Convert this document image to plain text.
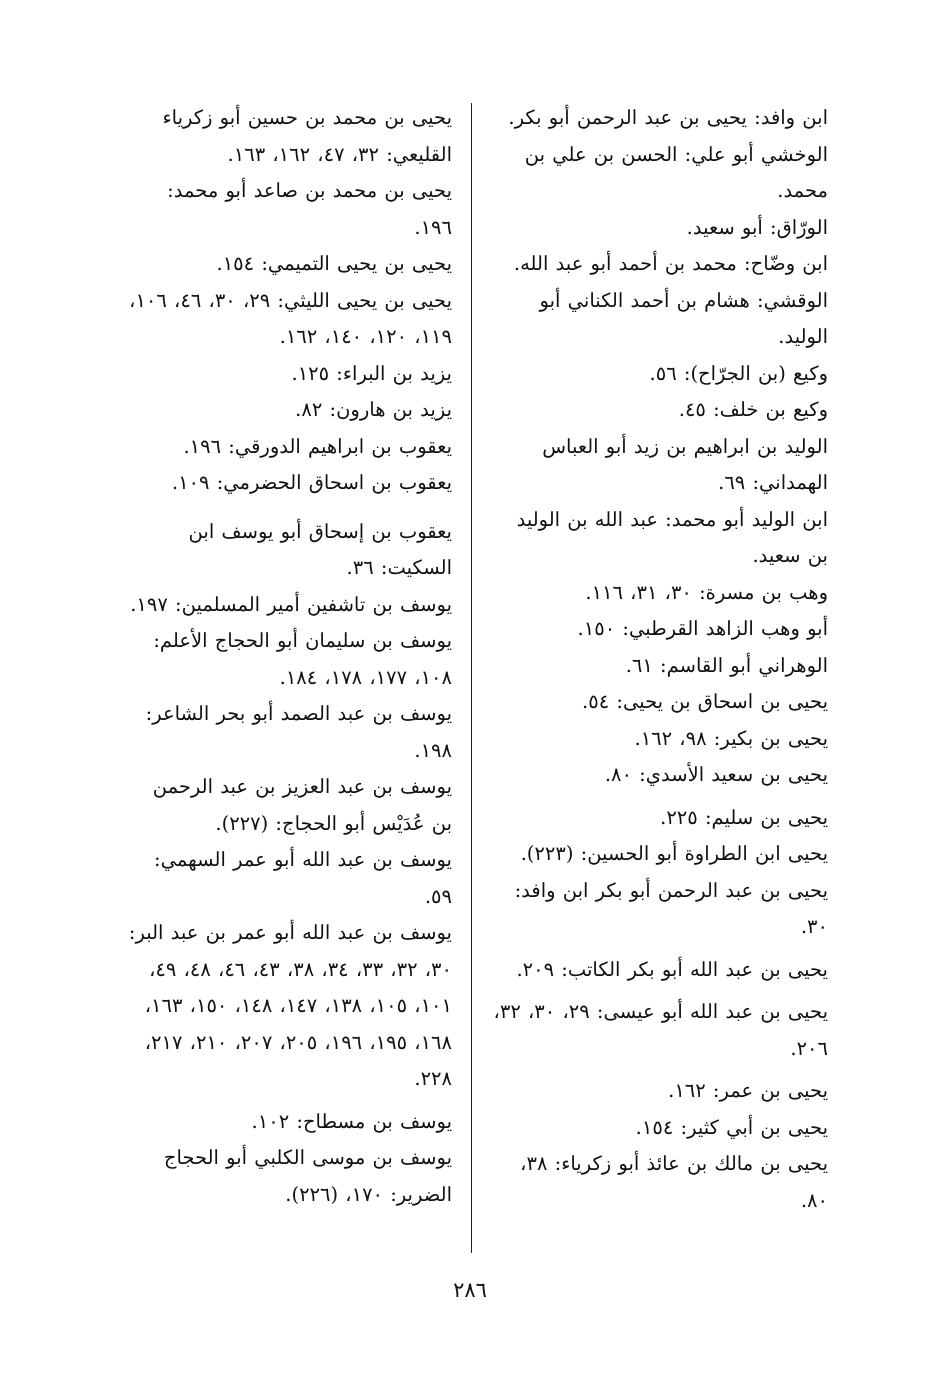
ابن وافد: يحيى بن عبد الرحمن أبو بكر.

الوخشي أبو علي: الحسن بن علي بن محمد.

الورّاق: أبو سعيد.

ابن وضّاح: محمد بن أحمد أبو عبد الله.

الوقشي: هشام بن أحمد الكناني أبو الوليد.

وكيع (بن الجرّاح): ٥٦.

وكيع بن خلف: ٤٥.

الوليد بن ابراهيم بن زيد أبو العباس الهمداني: ٦٩.

ابن الوليد أبو محمد: عبد الله بن الوليد بن سعيد.

وهب بن مسرة: ٣٠، ٣١، ١١٦.

أبو وهب الزاهد القرطبي: ١٥٠.

الوهراني أبو القاسم: ٦١.

يحيى بن اسحاق بن يحيى: ٥٤.

يحيى بن بكير: ٩٨، ١٦٢.

يحيى بن سعيد الأسدي: ٨٠.

يحيى بن سليم: ٢٢٥.

يحيى ابن الطراوة أبو الحسين: (٢٢٣).

يحيى بن عبد الرحمن أبو بكر ابن وافد: ٣٠.

يحيى بن عبد الله أبو بكر الكاتب: ٢٠٩.

يحيى بن عبد الله أبو عيسى: ٢٩، ٣٠، ٣٢، ٢٠٦.

يحيى بن عمر: ١٦٢.

يحيى بن أبي كثير: ١٥٤.

يحيى بن مالك بن عائذ أبو زكرياء: ٣٨، ٨٠.

يحيى بن محمد بن حسين أبو زكرياء القليعي: ٣٢، ٤٧، ١٦٢، ١٦٣.

يحيى بن محمد بن صاعد أبو محمد: ١٩٦.

يحيى بن يحيى التميمي: ١٥٤.

يحيى بن يحيى الليثي: ٢٩، ٣٠، ٤٦، ١٠٦، ١١٩، ١٢٠، ١٤٠، ١٦٢.

يزيد بن البراء: ١٢٥.

يزيد بن هارون: ٨٢.

يعقوب بن ابراهيم الدورقي: ١٩٦.

يعقوب بن اسحاق الحضرمي: ١٠٩.

يعقوب بن إسحاق أبو يوسف ابن السكيت: ٣٦.

يوسف بن تاشفين أمير المسلمين: ١٩٧.

يوسف بن سليمان أبو الحجاج الأعلم: ١٠٨، ١٧٧، ١٧٨، ١٨٤.

يوسف بن عبد الصمد أبو بحر الشاعر: ١٩٨.

يوسف بن عبد العزيز بن عبد الرحمن بن عُدَيْس أبو الحجاج: (٢٢٧).

يوسف بن عبد الله أبو عمر السهمي: ٥٩.

يوسف بن عبد الله أبو عمر بن عبد البر: ٣٠، ٣٢، ٣٣، ٣٤، ٣٨، ٤٣، ٤٦، ٤٨، ٤٩، ١٠١، ١٠٥، ١٣٨، ١٤٧، ١٤٨، ١٥٠، ١٦٣، ١٦٨، ١٩٥، ١٩٦، ٢٠٥، ٢٠٧، ٢١٠، ٢١٧، ٢٢٨.

يوسف بن مسطاح: ١٠٢.

يوسف بن موسى الكلبي أبو الحجاج الضرير: ١٧٠، (٢٢٦).

٢٨٦
